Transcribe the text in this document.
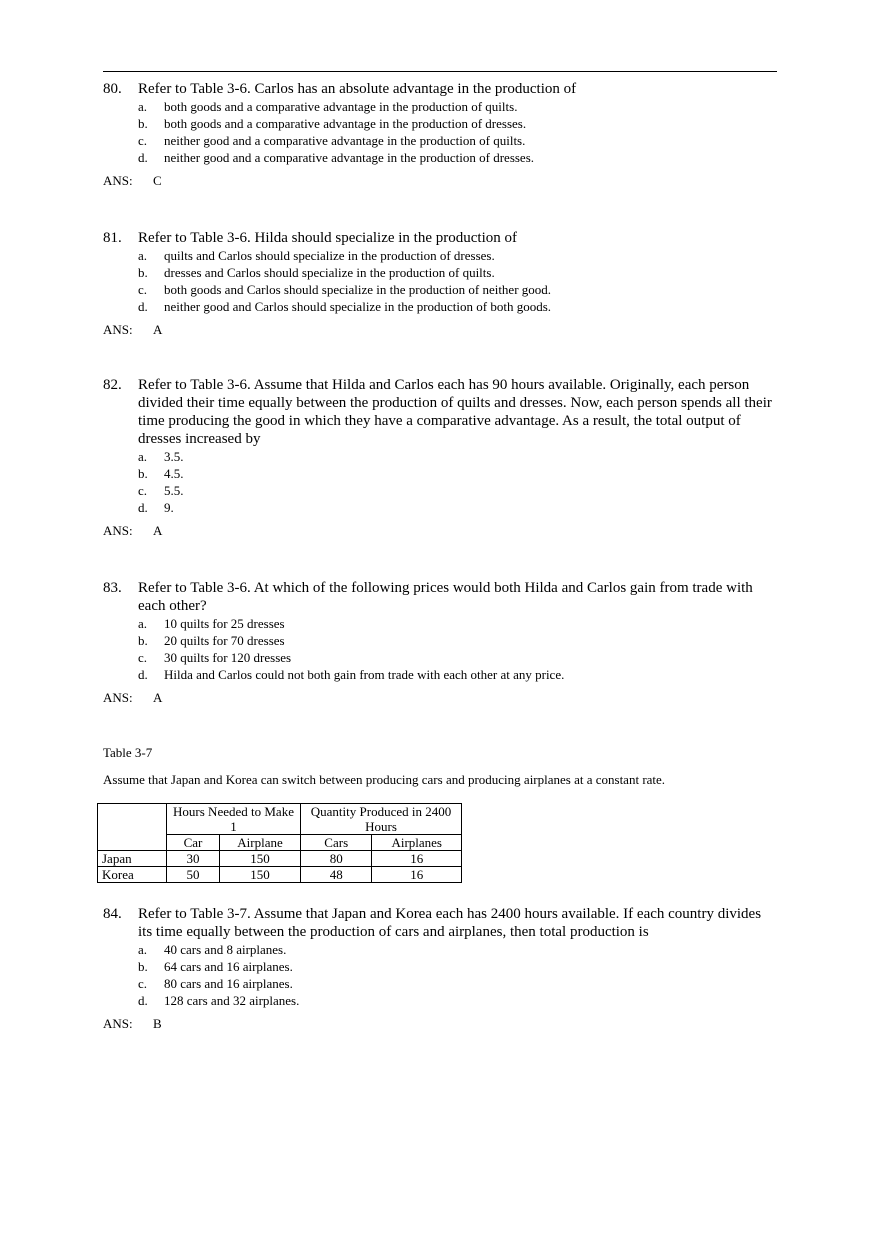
80. Refer to Table 3-6. Carlos has an absolute advantage in the production of
a. both goods and a comparative advantage in the production of quilts.
b. both goods and a comparative advantage in the production of dresses.
c. neither good and a comparative advantage in the production of quilts.
d. neither good and a comparative advantage in the production of dresses.
ANS: C
81. Refer to Table 3-6. Hilda should specialize in the production of
a. quilts and Carlos should specialize in the production of dresses.
b. dresses and Carlos should specialize in the production of quilts.
c. both goods and Carlos should specialize in the production of neither good.
d. neither good and Carlos should specialize in the production of both goods.
ANS: A
82. Refer to Table 3-6. Assume that Hilda and Carlos each has 90 hours available. Originally, each person divided their time equally between the production of quilts and dresses. Now, each person spends all their time producing the good in which they have a comparative advantage. As a result, the total output of dresses increased by
a. 3.5.
b. 4.5.
c. 5.5.
d. 9.
ANS: A
83. Refer to Table 3-6. At which of the following prices would both Hilda and Carlos gain from trade with each other?
a. 10 quilts for 25 dresses
b. 20 quilts for 70 dresses
c. 30 quilts for 120 dresses
d. Hilda and Carlos could not both gain from trade with each other at any price.
ANS: A
Table 3-7
Assume that Japan and Korea can switch between producing cars and producing airplanes at a constant rate.
	Hours Needed to Make 1		Quantity Produced in 2400 Hours	
	Car	Airplane	Cars	Airplanes
Japan	30	150	80	16
Korea	50	150	48	16
84. Refer to Table 3-7. Assume that Japan and Korea each has 2400 hours available. If each country divides its time equally between the production of cars and airplanes, then total production is
a. 40 cars and 8 airplanes.
b. 64 cars and 16 airplanes.
c. 80 cars and 16 airplanes.
d. 128 cars and 32 airplanes.
ANS: B
